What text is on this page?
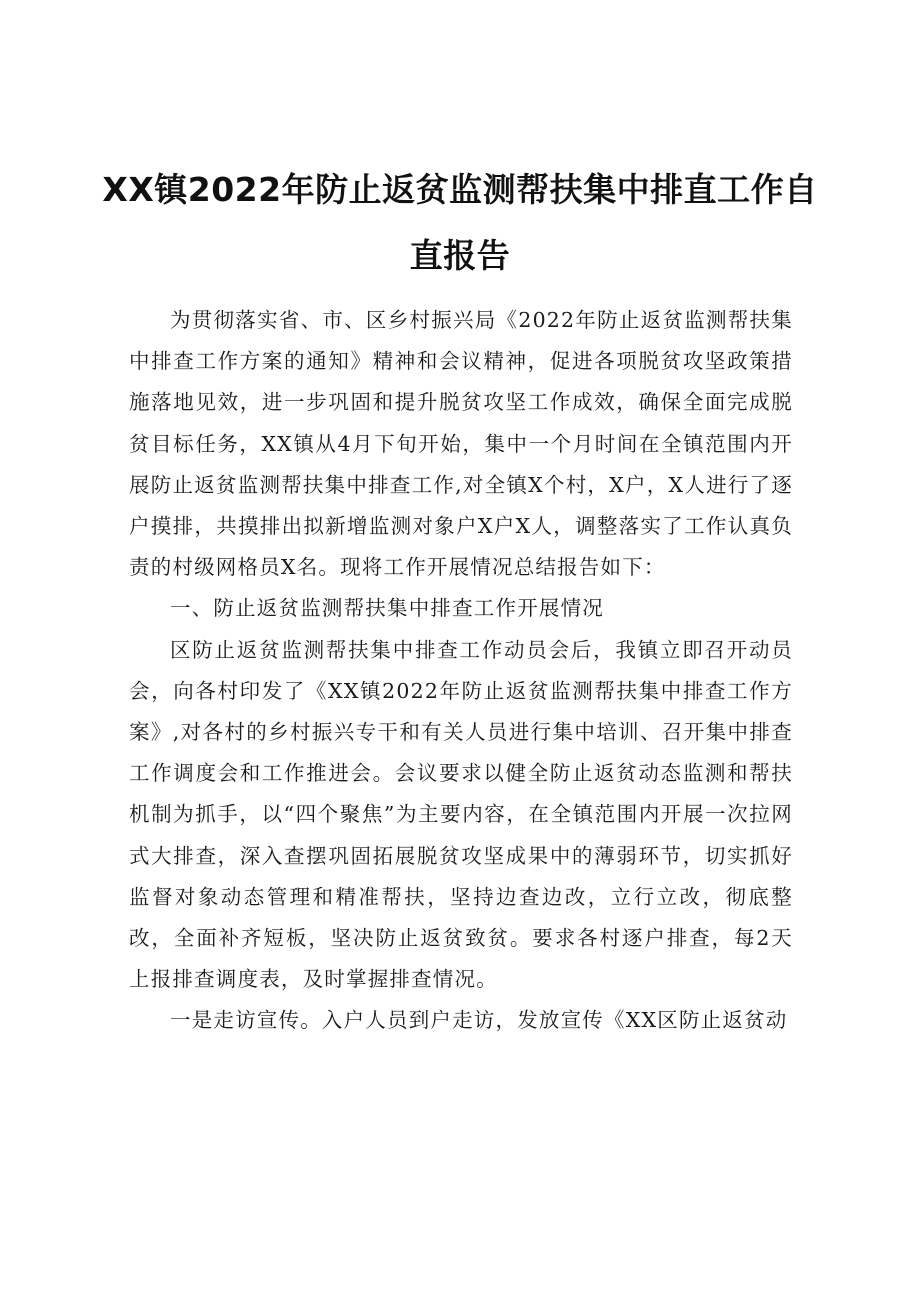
XX镇2022年防止返贫监测帮扶集中排直工作自直报告

为贯彻落实省、市、区乡村振兴局《2022年防止返贫监测帮扶集中排查工作方案的通知》精神和会议精神，促进各项脱贫攻坚政策措施落地见效，进一步巩固和提升脱贫攻坚工作成效，确保全面完成脱贫目标任务，XX镇从4月下旬开始，集中一个月时间在全镇范围内开展防止返贫监测帮扶集中排查工作,对全镇X个村，X户，X人进行了逐户摸排，共摸排出拟新增监测对象户X户X人，调整落实了工作认真负责的村级网格员X名。现将工作开展情况总结报告如下：

一、防止返贫监测帮扶集中排查工作开展情况

区防止返贫监测帮扶集中排查工作动员会后，我镇立即召开动员会，向各村印发了《XX镇2022年防止返贫监测帮扶集中排查工作方案》,对各村的乡村振兴专干和有关人员进行集中培训、召开集中排查工作调度会和工作推进会。会议要求以健全防止返贫动态监测和帮扶机制为抓手，以“四个聚焦”为主要内容，在全镇范围内开展一次拉网式大排查，深入查摆巩固拓展脱贫攻坚成果中的薄弱环节，切实抓好监督对象动态管理和精准帮扶，坚持边查边改，立行立改，彻底整改，全面补齐短板，坚决防止返贫致贫。要求各村逐户排查，每2天上报排查调度表，及时掌握排查情况。

一是走访宣传。入户人员到户走访，发放宣传《XX区防止返贫动
